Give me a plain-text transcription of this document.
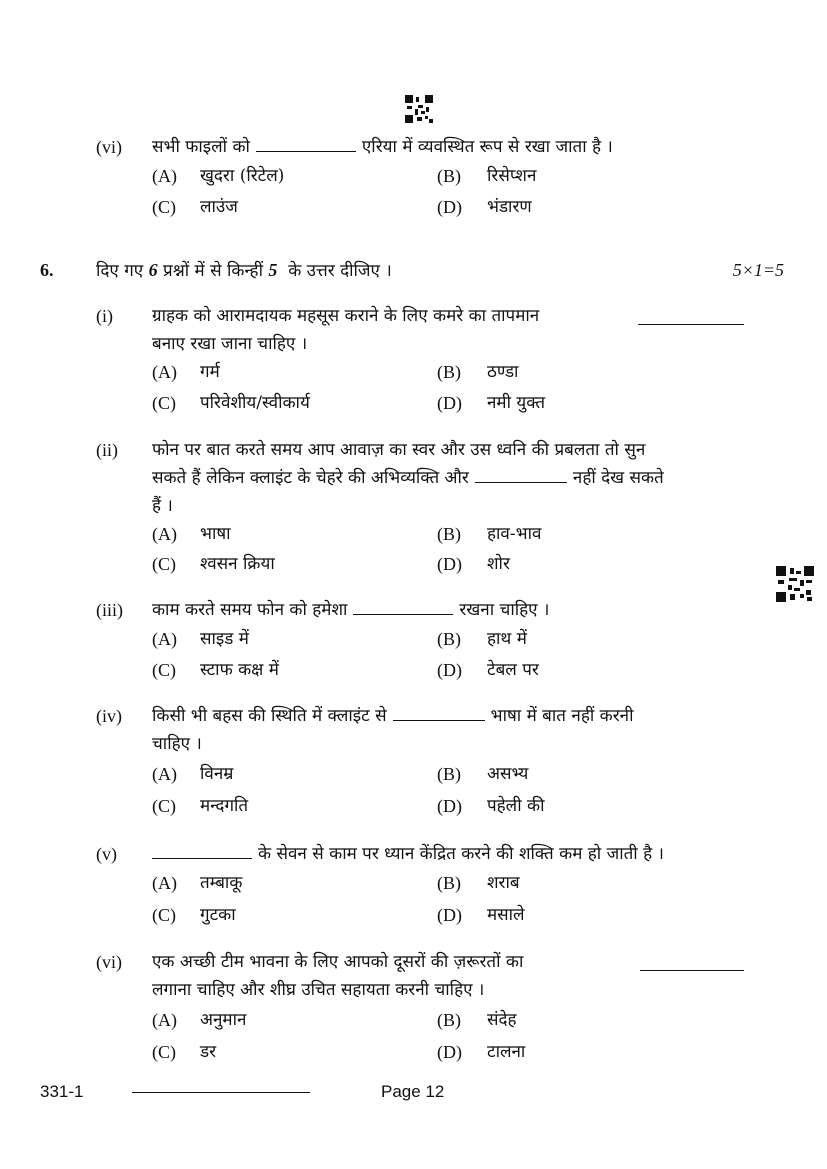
(vi) सभी फाइलों को	एरिया में व्यवस्थित रूप से रखा जाता है ।
(A) खुदरा (रिटेल)	(B) रिसेप्शन
(C) लाउंज	(D) भंडारण
6.	दिए गए 6 प्रश्नों में से किन्हीं 5 के उत्तर दीजिए ।	5×1=5
(i) ग्राहक को आरामदायक महसूस कराने के लिए कमरे का तापमान
बनाए रखा जाना चाहिए ।
(A) गर्म	(B) ठण्डा
(C) परिवेशीय/स्वीकार्य	(D) नमी युक्त
(ii) फोन पर बात करते समय आप आवाज़ का स्वर और उस ध्वनि की प्रबलता तो सुन
सकते हैं लेकिन क्लाइंट के चेहरे की अभिव्यक्ति और	नहीं देख सकते
हैं ।
(A) भाषा	(B) हाव-भाव
(C) श्वसन क्रिया	(D) शोर
(iii) काम करते समय फोन को हमेशा	रखना चाहिए ।
(A) साइड में	(B) हाथ में
(C) स्टाफ कक्ष में	(D) टेबल पर
(iv) किसी भी बहस की स्थिति में क्लाइंट से	भाषा में बात नहीं करनी
चाहिए ।
(A) विनम्र	(B) असभ्य
(C) मन्दगति	(D) पहेली की
(v)	के सेवन से काम पर ध्यान केंद्रित करने की शक्ति कम हो जाती है ।
(A) तम्बाकू	(B) शराब
(C) गुटका	(D) मसाले
(vi) एक अच्छी टीम भावना के लिए आपको दूसरों की ज़रूरतों का
लगाना चाहिए और शीघ्र उचित सहायता करनी चाहिए ।
(A) अनुमान	(B) संदेह
(C) डर	(D) टालना
331-1	Page 12
